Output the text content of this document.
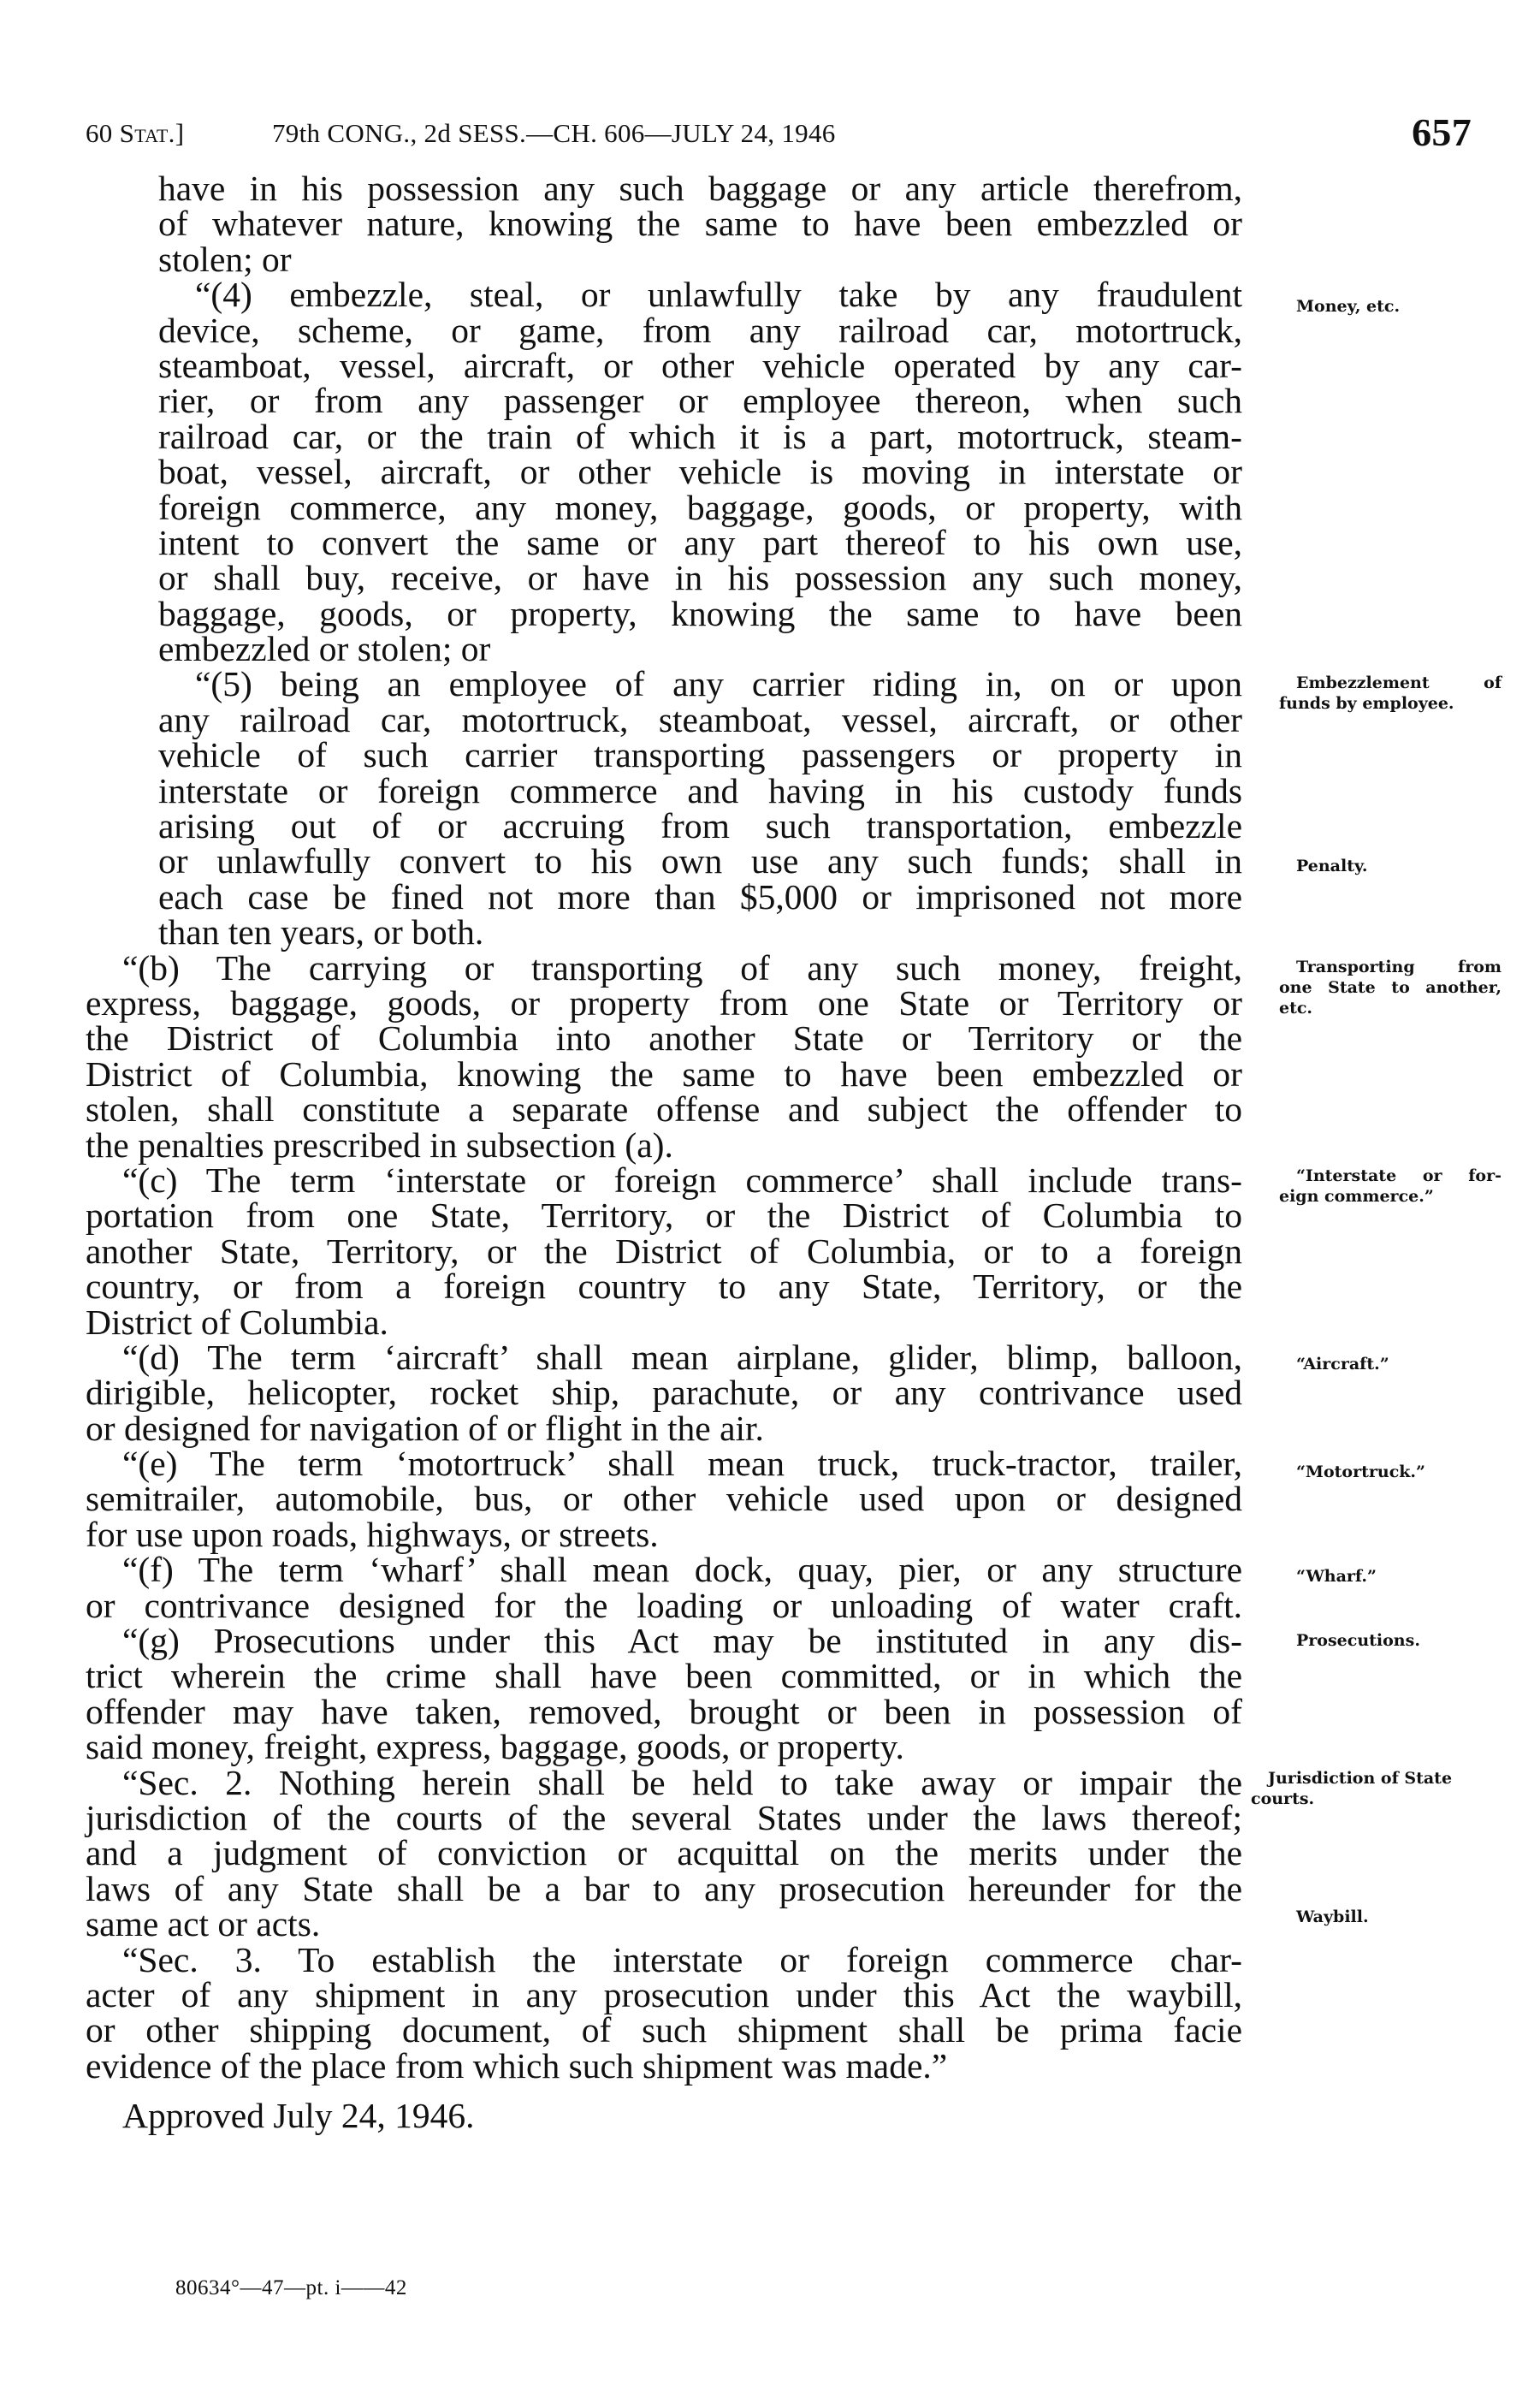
60 Stat.]	79th CONG., 2d SESS.—CH. 606—JULY 24, 1946	657
have in his possession any such baggage or any article therefrom,
of whatever nature, knowing the same to have been embezzled or
stolen; or
“(4) embezzle, steal, or unlawfully take by any fraudulent
device, scheme, or game, from any railroad car, motortruck,
steamboat, vessel, aircraft, or other vehicle operated by any car-
rier, or from any passenger or employee thereon, when such
railroad car, or the train of which it is a part, motortruck, steam-
boat, vessel, aircraft, or other vehicle is moving in interstate or
foreign commerce, any money, baggage, goods, or property, with
intent to convert the same or any part thereof to his own use,
or shall buy, receive, or have in his possession any such money,
baggage, goods, or property, knowing the same to have been
embezzled or stolen; or
“(5) being an employee of any carrier riding in, on or upon
any railroad car, motortruck, steamboat, vessel, aircraft, or other
vehicle of such carrier transporting passengers or property in
interstate or foreign commerce and having in his custody funds
arising out of or accruing from such transportation, embezzle
or unlawfully convert to his own use any such funds; shall in
each case be fined not more than $5,000 or imprisoned not more
than ten years, or both.
“(b) The carrying or transporting of any such money, freight,
express, baggage, goods, or property from one State or Territory or
the District of Columbia into another State or Territory or the
District of Columbia, knowing the same to have been embezzled or
stolen, shall constitute a separate offense and subject the offender to
the penalties prescribed in subsection (a).
“(c) The term ‘interstate or foreign commerce’ shall include trans-
portation from one State, Territory, or the District of Columbia to
another State, Territory, or the District of Columbia, or to a foreign
country, or from a foreign country to any State, Territory, or the
District of Columbia.
“(d) The term ‘aircraft’ shall mean airplane, glider, blimp, balloon,
dirigible, helicopter, rocket ship, parachute, or any contrivance used
or designed for navigation of or flight in the air.
“(e) The term ‘motortruck’ shall mean truck, truck-tractor, trailer,
semitrailer, automobile, bus, or other vehicle used upon or designed
for use upon roads, highways, or streets.
“(f) The term ‘wharf’ shall mean dock, quay, pier, or any structure
or contrivance designed for the loading or unloading of water craft.
“(g) Prosecutions under this Act may be instituted in any dis-
trict wherein the crime shall have been committed, or in which the
offender may have taken, removed, brought or been in possession of
said money, freight, express, baggage, goods, or property.
“Sec. 2. Nothing herein shall be held to take away or impair the
jurisdiction of the courts of the several States under the laws thereof;
and a judgment of conviction or acquittal on the merits under the
laws of any State shall be a bar to any prosecution hereunder for the
same act or acts.
“Sec. 3. To establish the interstate or foreign commerce char-
acter of any shipment in any prosecution under this Act the waybill,
or other shipping document, of such shipment shall be prima facie
evidence of the place from which such shipment was made.”
Approved July 24, 1946.
Money, etc.
Embezzlement of
funds by employee.
Penalty.
Transporting from
one State to another,
etc.
“Interstate or for-
eign commerce.”
“Aircraft.”
“Motortruck.”
“Wharf.”
Prosecutions.
Jurisdiction of State
courts.
Waybill.
80634°—47—pt. i——42
